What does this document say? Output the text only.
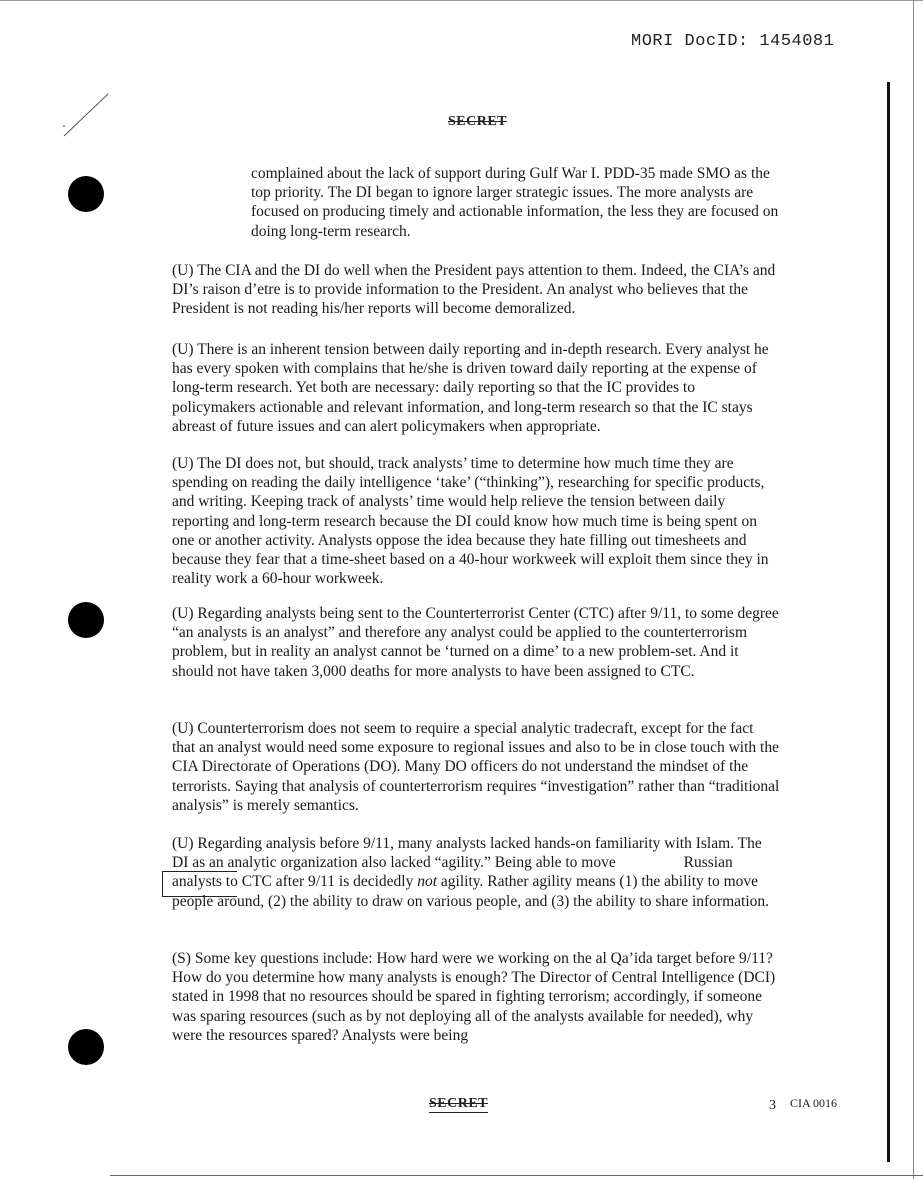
MORI DocID: 1454081
SECRET

complained about the lack of support during Gulf War I. PDD-35 made SMO as the top priority. The DI began to ignore larger strategic issues. The more analysts are focused on producing timely and actionable information, the less they are focused on doing long-term research.

(U) The CIA and the DI do well when the President pays attention to them. Indeed, the CIA’s and DI’s raison d’etre is to provide information to the President. An analyst who believes that the President is not reading his/her reports will become demoralized.

(U) There is an inherent tension between daily reporting and in-depth research. Every analyst he has every spoken with complains that he/she is driven toward daily reporting at the expense of long-term research. Yet both are necessary: daily reporting so that the IC provides to policymakers actionable and relevant information, and long-term research so that the IC stays abreast of future issues and can alert policymakers when appropriate.

(U) The DI does not, but should, track analysts’ time to determine how much time they are spending on reading the daily intelligence ‘take’ (“thinking”), researching for specific products, and writing. Keeping track of analysts’ time would help relieve the tension between daily reporting and long-term research because the DI could know how much time is being spent on one or another activity. Analysts oppose the idea because they hate filling out timesheets and because they fear that a time-sheet based on a 40-hour workweek will exploit them since they in reality work a 60-hour workweek.

(U) Regarding analysts being sent to the Counterterrorist Center (CTC) after 9/11, to some degree “an analysts is an analyst” and therefore any analyst could be applied to the counterterrorism problem, but in reality an analyst cannot be ‘turned on a dime’ to a new problem-set. And it should not have taken 3,000 deaths for more analysts to have been assigned to CTC.

(U) Counterterrorism does not seem to require a special analytic tradecraft, except for the fact that an analyst would need some exposure to regional issues and also to be in close touch with the CIA Directorate of Operations (DO). Many DO officers do not understand the mindset of the terrorists. Saying that analysis of counterterrorism requires “investigation” rather than “traditional analysis” is merely semantics.

(U) Regarding analysis before 9/11, many analysts lacked hands-on familiarity with Islam. The DI as an analytic organization also lacked “agility.” Being able to move	Russian analysts to CTC after 9/11 is decidedly not agility. Rather agility means (1) the ability to move people around, (2) the ability to draw on various people, and (3) the ability to share information.

(S) Some key questions include: How hard were we working on the al Qa’ida target before 9/11? How do you determine how many analysts is enough? The Director of Central Intelligence (DCI) stated in 1998 that no resources should be spared in fighting terrorism; accordingly, if someone was sparing resources (such as by not deploying all of the analysts available for needed), why were the resources spared? Analysts were being

SECRET	3 CIA 0016
